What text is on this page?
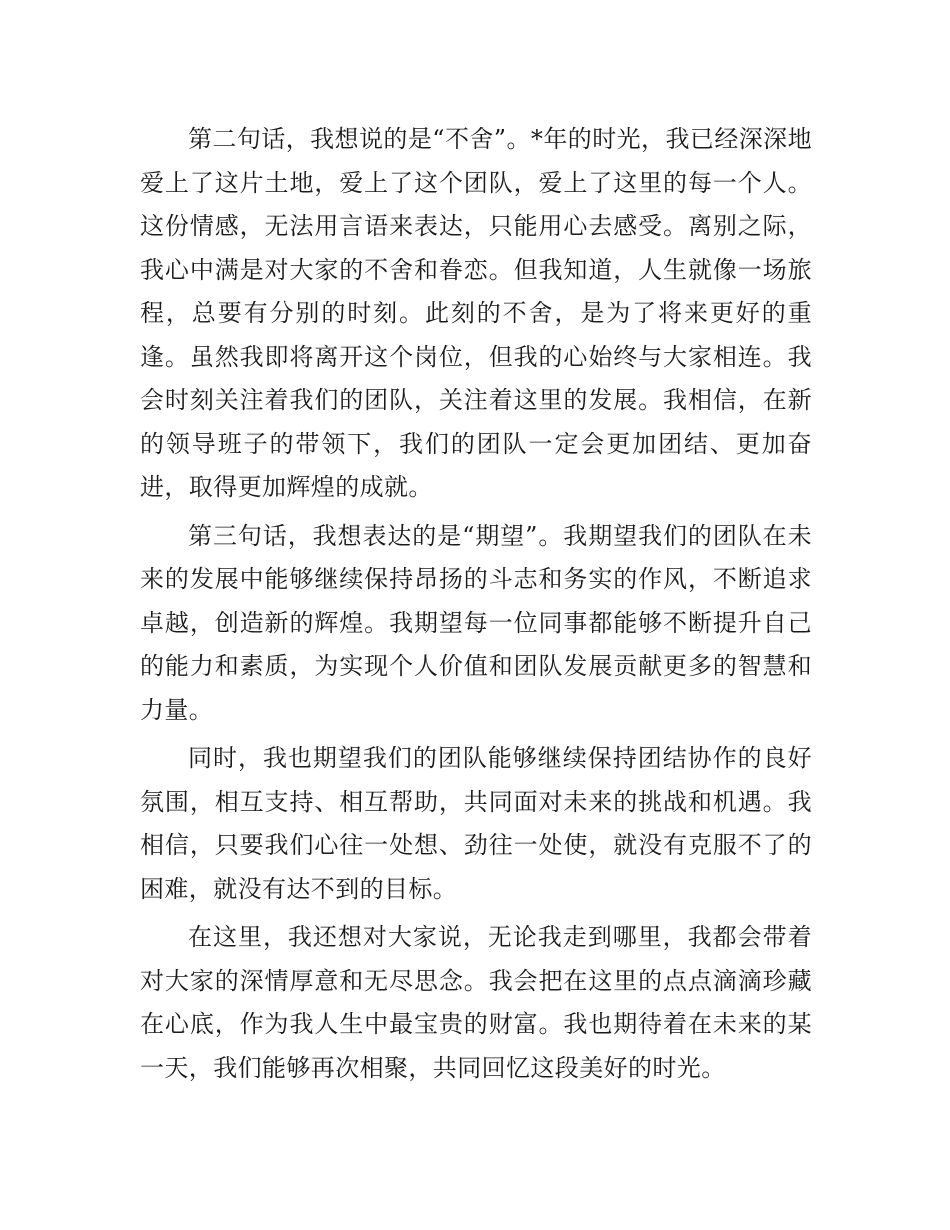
第二句话，我想说的是“不舍”。*年的时光，我已经深深地爱上了这片土地，爱上了这个团队，爱上了这里的每一个人。这份情感，无法用言语来表达，只能用心去感受。离别之际，我心中满是对大家的不舍和眷恋。但我知道，人生就像一场旅程，总要有分别的时刻。此刻的不舍，是为了将来更好的重逢。虽然我即将离开这个岗位，但我的心始终与大家相连。我会时刻关注着我们的团队，关注着这里的发展。我相信，在新的领导班子的带领下，我们的团队一定会更加团结、更加奋进，取得更加辉煌的成就。

第三句话，我想表达的是“期望”。我期望我们的团队在未来的发展中能够继续保持昂扬的斗志和务实的作风，不断追求卓越，创造新的辉煌。我期望每一位同事都能够不断提升自己的能力和素质，为实现个人价值和团队发展贡献更多的智慧和力量。

同时，我也期望我们的团队能够继续保持团结协作的良好氛围，相互支持、相互帮助，共同面对未来的挑战和机遇。我相信，只要我们心往一处想、劲往一处使，就没有克服不了的困难，就没有达不到的目标。

在这里，我还想对大家说，无论我走到哪里，我都会带着对大家的深情厚意和无尽思念。我会把在这里的点点滴滴珍藏在心底，作为我人生中最宝贵的财富。我也期待着在未来的某一天，我们能够再次相聚，共同回忆这段美好的时光。
